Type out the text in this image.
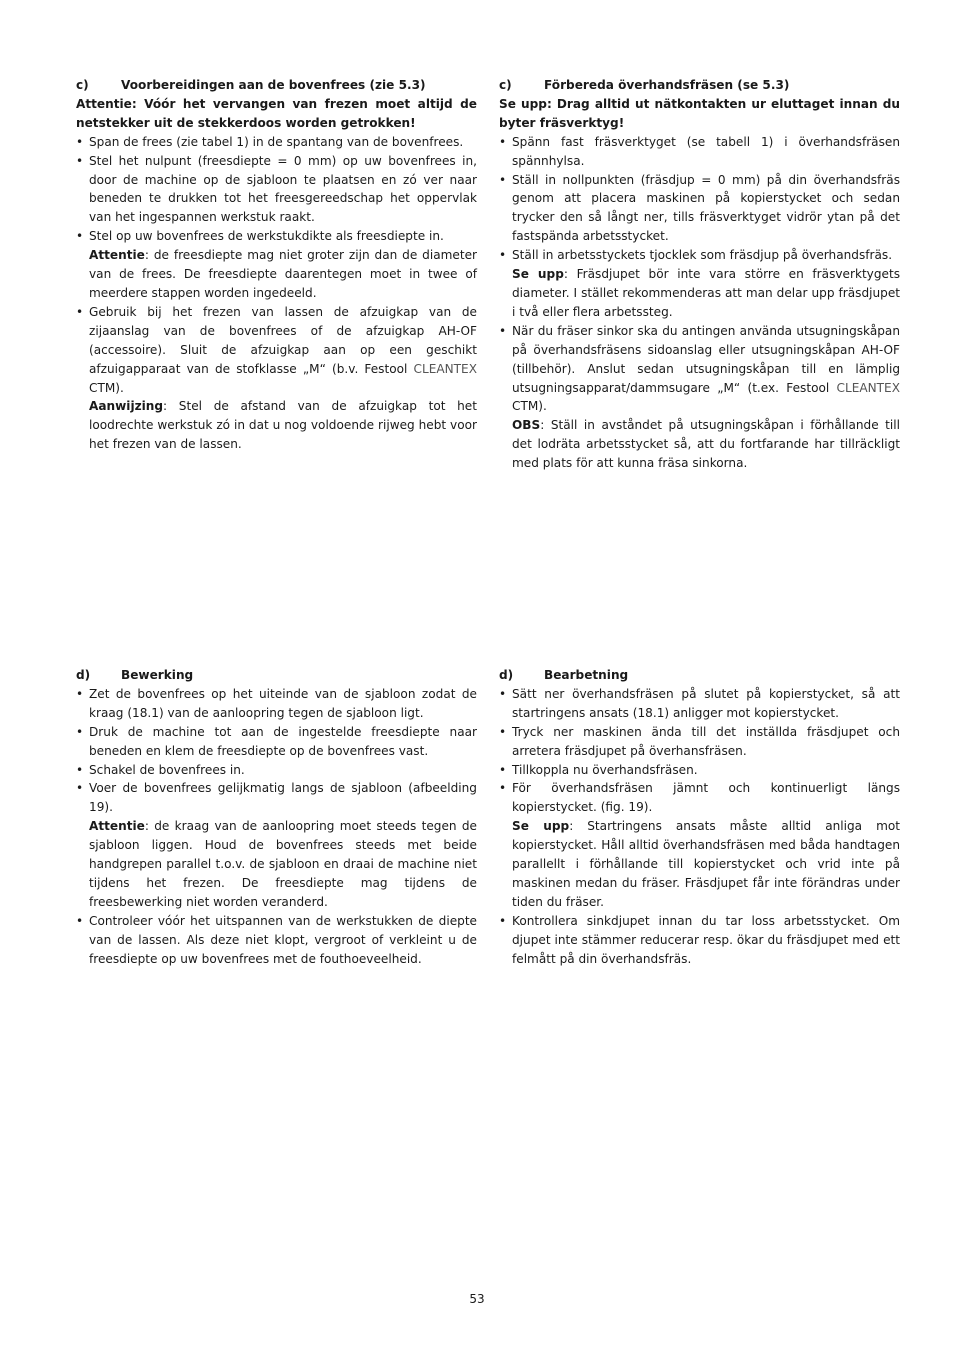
c)	Voorbereidingen aan de bovenfrees (zie 5.3)
Attentie: Vóór het vervangen van frezen moet altijd de netstekker uit de stekkerdoos worden getrokken!
• Span de frees (zie tabel 1) in de spantang van de bovenfrees.
• Stel het nulpunt (freesdiepte = 0 mm) op uw bovenfrees in, door de machine op de sjabloon te plaatsen en zó ver naar beneden te drukken tot het freesgereedschap het oppervlak van het ingespannen werkstuk raakt.
• Stel op uw bovenfrees de werkstukdikte als freesdiepte in.
Attentie: de freesdiepte mag niet groter zijn dan de diameter van de frees. De freesdiepte daarentegen moet in twee of meerdere stappen worden ingedeeld.
• Gebruik bij het frezen van lassen de afzuigkap van de zijaanslag van de bovenfrees of de afzuigkap AH-OF (accessoire). Sluit de afzuigkap aan op een geschikt afzuigapparaat van de stofklasse „M“ (b.v. Festool CLEANTEX CTM).
Aanwijzing: Stel de afstand van de afzuigkap tot het loodrechte werkstuk zó in dat u nog voldoende rijweg hebt voor het frezen van de lassen.
c)	Förbereda överhandsfräsen (se 5.3)
Se upp: Drag alltid ut nätkontakten ur eluttaget innan du byter fräsverktyg!
• Spänn fast fräsverktyget (se tabell 1) i överhandsfräsen spännhylsa.
• Ställ in nollpunkten (fräsdjup = 0 mm) på din överhandsfräs genom att placera maskinen på kopierstycket och sedan trycker den så långt ner, tills fräsverktyget vidrör ytan på det fastspända arbetsstycket.
• Ställ in arbetsstyckets tjocklek som fräsdjup på överhandsfräs.
Se upp: Fräsdjupet bör inte vara större en fräsverktygets diameter. I stället rekommenderas att man delar upp fräsdjupet i två eller flera arbetssteg.
• När du fräser sinkor ska du antingen använda utsugningskåpan på överhandsfräsens sidoanslag eller utsugningskåpan AH-OF (tillbehör). Anslut sedan utsugningskåpan till en lämplig utsugningsapparat/dammsugare „M“ (t.ex. Festool CLEANTEX CTM).
OBS: Ställ in avståndet på utsugningskåpan i förhållande till det lodräta arbetsstycket så, att du fortfarande har tillräckligt med plats för att kunna fräsa sinkorna.
d)	Bewerking
• Zet de bovenfrees op het uiteinde van de sjabloon zodat de kraag (18.1) van de aanloopring tegen de sjabloon ligt.
• Druk de machine tot aan de ingestelde freesdiepte naar beneden en klem de freesdiepte op de bovenfrees vast.
• Schakel de bovenfrees in.
• Voer de bovenfrees gelijkmatig langs de sjabloon (afbeelding 19).
Attentie: de kraag van de aanloopring moet steeds tegen de sjabloon liggen. Houd de bovenfrees steeds met beide handgrepen parallel t.o.v. de sjabloon en draai de machine niet tijdens het frezen. De freesdiepte mag tijdens de freesbewerking niet worden veranderd.
• Controleer vóór het uitspannen van de werkstukken de diepte van de lassen. Als deze niet klopt, vergroot of verkleint u de freesdiepte op uw bovenfrees met de fouthoeveelheid.
d)	Bearbetning
• Sätt ner överhandsfräsen på slutet på kopierstycket, så att startringens ansats (18.1) anligger mot kopierstycket.
• Tryck ner maskinen ända till det inställda fräsdjupet och arretera fräsdjupet på överhansfräsen.
• Tillkoppla nu överhandsfräsen.
• För överhandsfräsen jämnt och kontinuerligt längs kopierstycket. (fig. 19).
Se upp: Startringens ansats måste alltid anliga mot kopierstycket. Håll alltid överhandsfräsen med båda handtagen parallellt i förhållande till kopierstycket och vrid inte på maskinen medan du fräser. Fräsdjupet får inte förändras under tiden du fräser.
• Kontrollera sinkdjupet innan du tar loss arbetsstycket. Om djupet inte stämmer reducerar resp. ökar du fräsdjupet med ett felmått på din överhandsfräs.
53
